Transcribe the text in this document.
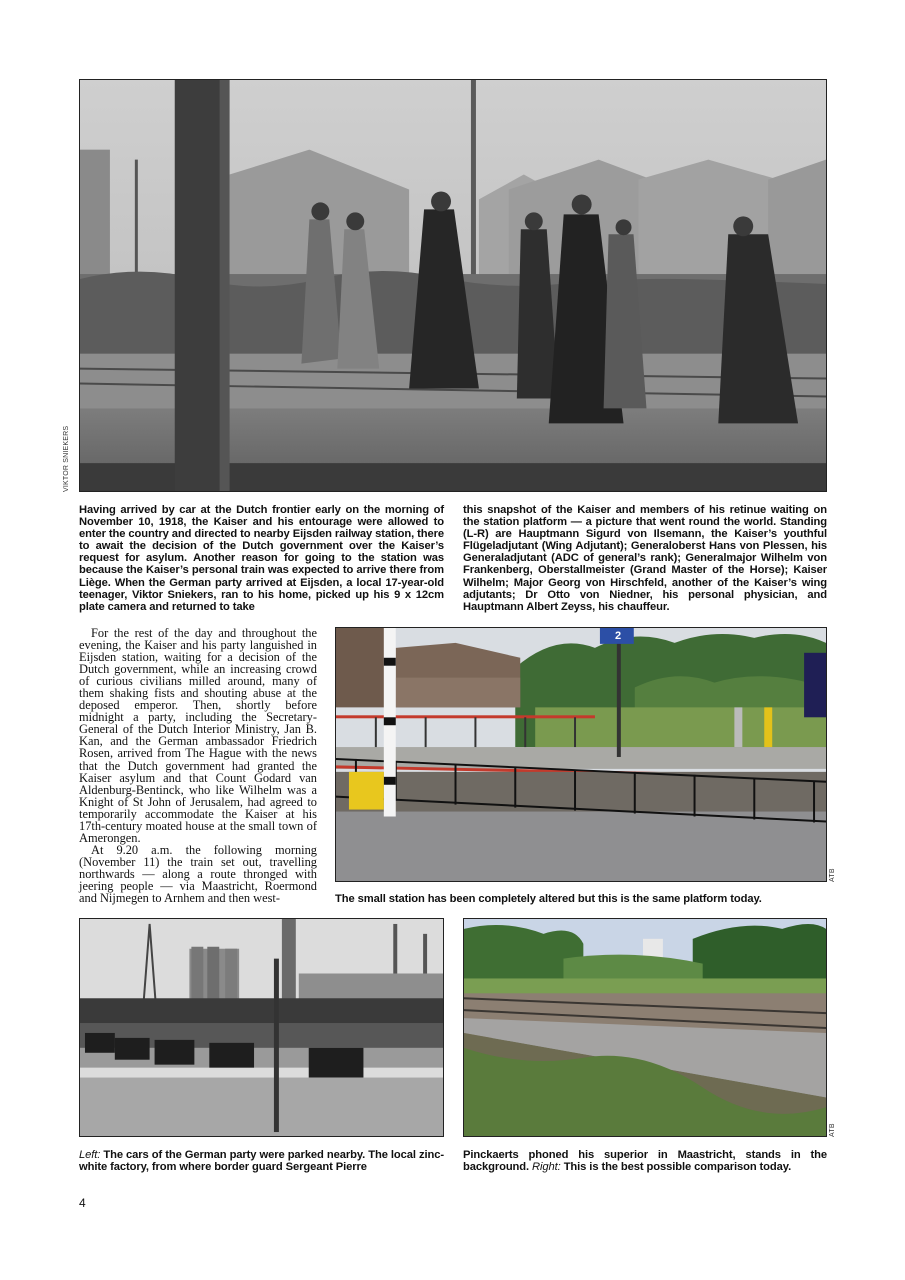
VIKTOR SNIEKERS
Having arrived by car at the Dutch frontier early on the morning of November 10, 1918, the Kaiser and his entourage were allowed to enter the country and directed to nearby Eijsden railway station, there to await the decision of the Dutch government over the Kaiser’s request for asylum. Another reason for going to the station was because the Kaiser’s personal train was expected to arrive there from Liège. When the German party arrived at Eijsden, a local 17-year-old teenager, Viktor Sniekers, ran to his home, picked up his 9 x 12cm plate camera and returned to take
this snapshot of the Kaiser and members of his retinue waiting on the station platform — a picture that went round the world. Standing (L-R) are Hauptmann Sigurd von Ilsemann, the Kaiser’s youthful Flügeladjutant (Wing Adjutant); Generaloberst Hans von Plessen, his Generaladjutant (ADC of general’s rank); Generalmajor Wilhelm von Frankenberg, Oberstallmeister (Grand Master of the Horse); Kaiser Wilhelm; Major Georg von Hirschfeld, another of the Kaiser’s wing adjutants; Dr Otto von Niedner, his personal physician, and Hauptmann Albert Zeyss, his chauffeur.

For the rest of the day and throughout the evening, the Kaiser and his party languished in Eijsden station, waiting for a decision of the Dutch government, while an increasing crowd of curious civilians milled around, many of them shaking fists and shouting abuse at the deposed emperor. Then, shortly before midnight a party, including the Secretary-General of the Dutch Interior Ministry, Jan B. Kan, and the German ambassador Friedrich Rosen, arrived from The Hague with the news that the Dutch government had granted the Kaiser asylum and that Count Godard van Aldenburg-Bentinck, who like Wilhelm was a Knight of St John of Jerusalem, had agreed to temporarily accommodate the Kaiser at his 17th-century moated house at the small town of Amerongen.

At 9.20 a.m. the following morning (November 11) the train set out, travelling northwards — along a route thronged with jeering people — via Maastricht, Roermond and Nijmegen to Arnhem and then west-

2
ATB
The small station has been completely altered but this is the same platform today.
Left: The cars of the German party were parked nearby. The local zinc-white factory, from where border guard Sergeant Pierre
ATB
Pinckaerts phoned his superior in Maastricht, stands in the background. Right: This is the best possible comparison today.
4
